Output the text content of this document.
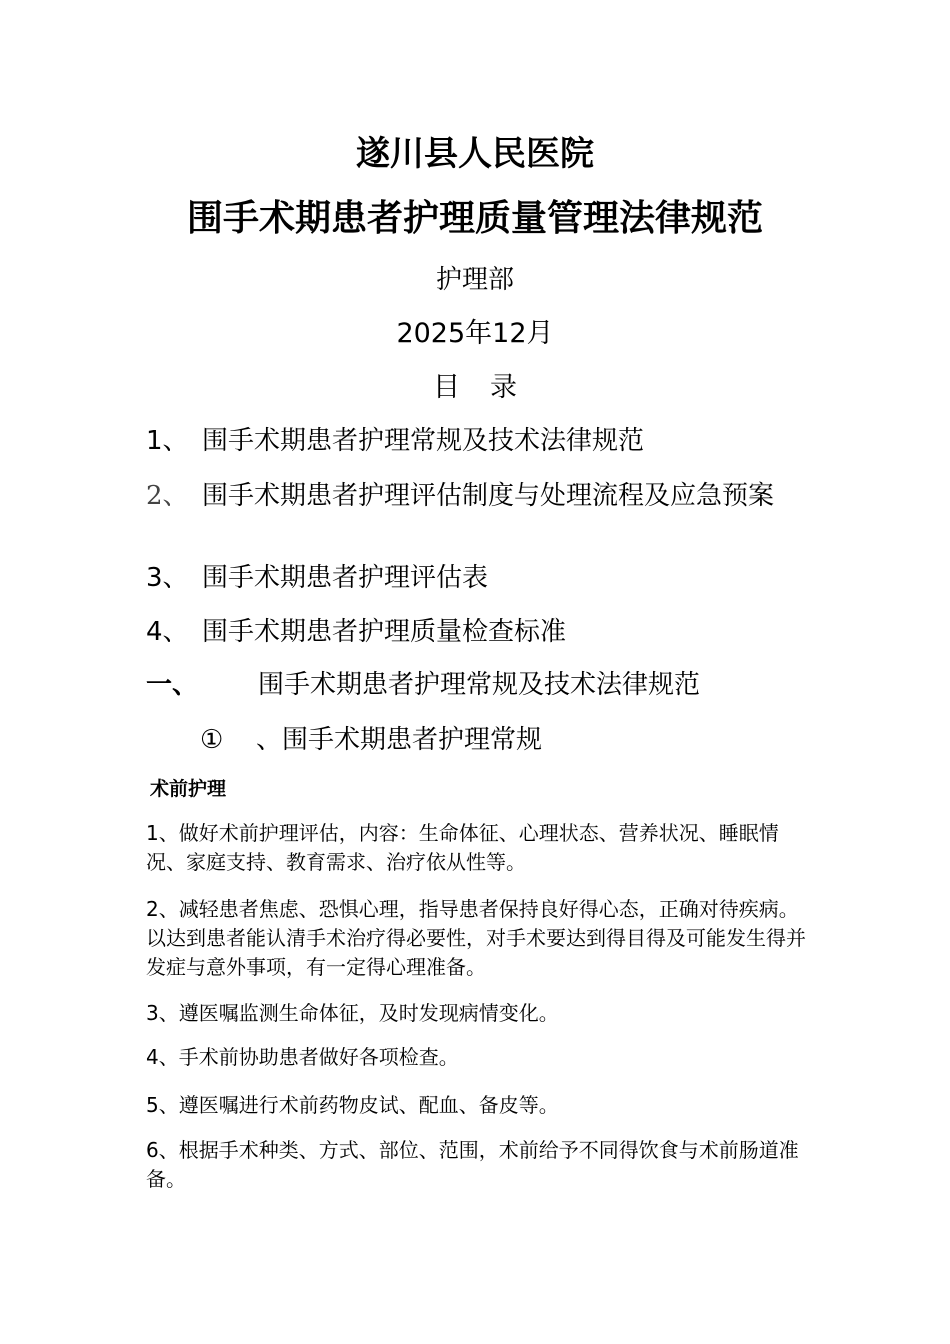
遂川县人民医院
围手术期患者护理质量管理法律规范
护理部
2025年12月
目 录
1、 围手术期患者护理常规及技术法律规范
2、 围手术期患者护理评估制度与处理流程及应急预案
3、 围手术期患者护理评估表
4、 围手术期患者护理质量检查标准
一、 围手术期患者护理常规及技术法律规范
① 、围手术期患者护理常规
术前护理
1、做好术前护理评估，内容：生命体征、心理状态、营养状况、睡眠情况、家庭支持、教育需求、治疗依从性等。
2、减轻患者焦虑、恐惧心理，指导患者保持良好得心态，正确对待疾病。以达到患者能认清手术治疗得必要性，对手术要达到得目得及可能发生得并发症与意外事项，有一定得心理准备。
3、遵医嘱监测生命体征，及时发现病情变化。
4、手术前协助患者做好各项检查。
5、遵医嘱进行术前药物皮试、配血、备皮等。
6、根据手术种类、方式、部位、范围，术前给予不同得饮食与术前肠道准备。
